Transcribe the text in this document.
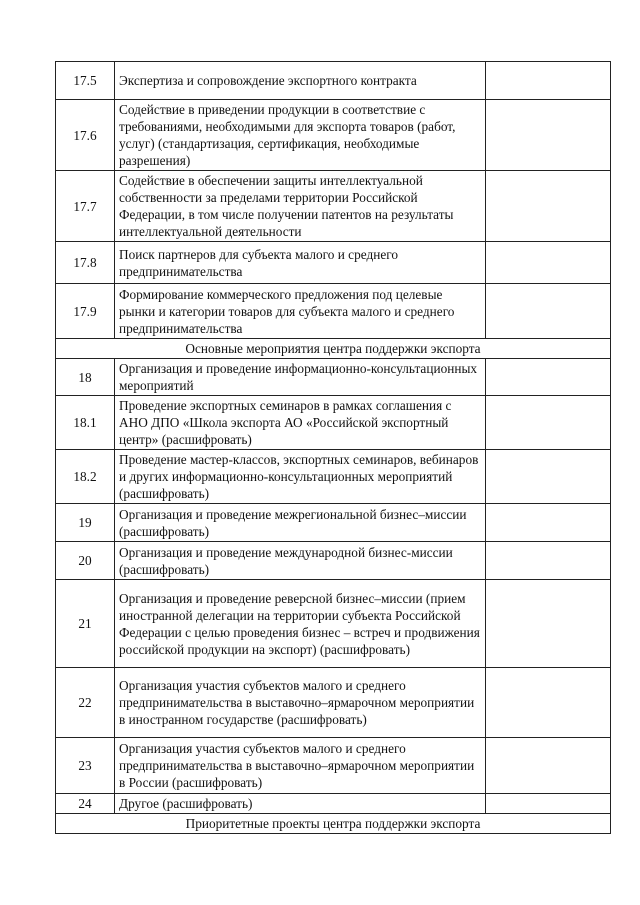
17.5	Экспертиза и сопровождение экспортного контракта	
17.6	Содействие в приведении продукции в соответствие с требованиями, необходимыми для экспорта товаров (работ, услуг) (стандартизация, сертификация, необходимые разрешения)	
17.7	Содействие в обеспечении защиты интеллектуальной собственности за пределами территории Российской Федерации, в том числе получении патентов на результаты интеллектуальной деятельности	
17.8	Поиск партнеров для субъекта малого и среднего предпринимательства	
17.9	Формирование коммерческого предложения под целевые рынки и категории товаров для субъекта малого и среднего предпринимательства	
Основные мероприятия центра поддержки экспорта		
18	Организация и проведение информационно-консультационных мероприятий	
18.1	Проведение экспортных семинаров в рамках соглашения с АНО ДПО «Школа экспорта АО «Российской экспортный центр» (расшифровать)	
18.2	Проведение мастер-классов, экспортных семинаров, вебинаров и других информационно-консультационных мероприятий (расшифровать)	
19	Организация и проведение межрегиональной бизнес–миссии (расшифровать)	
20	Организация и проведение международной бизнес-миссии (расшифровать)	
21	Организация и проведение реверсной бизнес–миссии (прием иностранной делегации на территории субъекта Российской Федерации с целью проведения бизнес – встреч и продвижения российской продукции на экспорт) (расшифровать)	
22	Организация участия субъектов малого и среднего предпринимательства в выставочно–ярмарочном мероприятии в иностранном государстве (расшифровать)	
23	Организация участия субъектов малого и среднего предпринимательства в выставочно–ярмарочном мероприятии в России (расшифровать)	
24	Другое (расшифровать)	
Приоритетные проекты центра поддержки экспорта		
